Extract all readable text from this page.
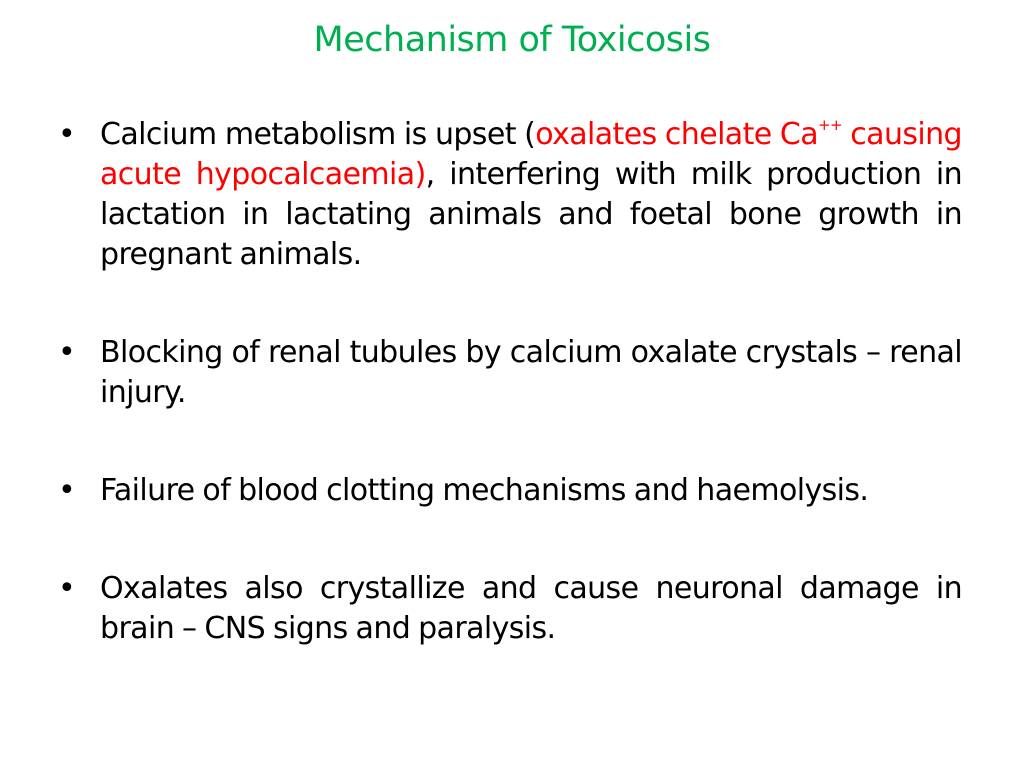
Mechanism of Toxicosis
• Calcium metabolism is upset (oxalates chelate Ca++ causing acute hypocalcaemia), interfering with milk production in lactation in lactating animals and foetal bone growth in pregnant animals.
• Blocking of renal tubules by calcium oxalate crystals – renal injury.
• Failure of blood clotting mechanisms and haemolysis.
• Oxalates also crystallize and cause neuronal damage in brain – CNS signs and paralysis.
